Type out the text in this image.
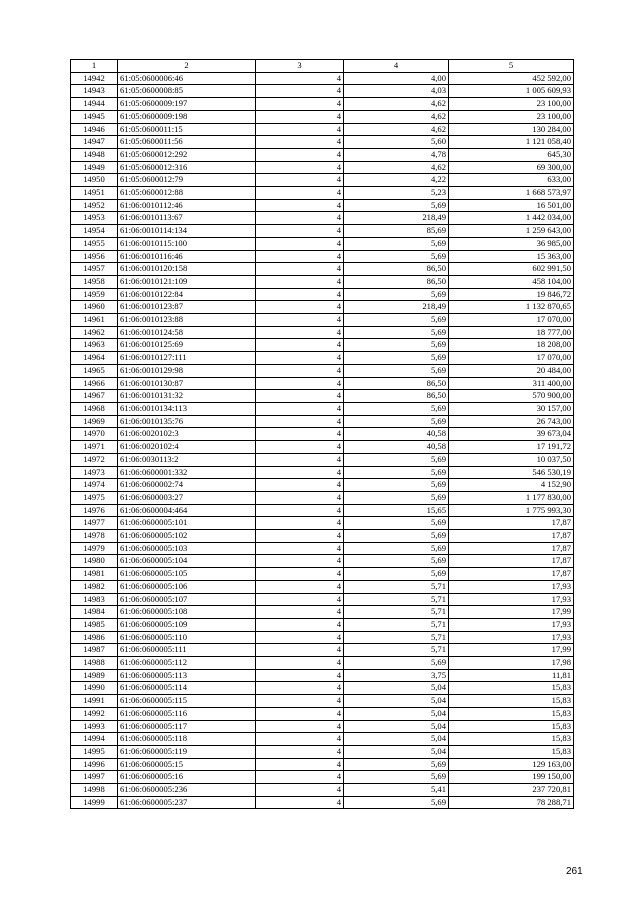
1	2	3	4	5
14942	61:05:0600006:46	4	4,00	452 592,00
14943	61:05:0600008:85	4	4,03	1 005 609,93
14944	61:05:0600009:197	4	4,62	23 100,00
14945	61:05:0600009:198	4	4,62	23 100,00
14946	61:05:0600011:15	4	4,62	130 284,00
14947	61:05:0600011:56	4	5,60	1 121 058,40
14948	61:05:0600012:292	4	4,78	645,30
14949	61:05:0600012:316	4	4,62	69 300,00
14950	61:05:0600012:79	4	4,22	633,00
14951	61:05:0600012:88	4	5,23	1 668 573,97
14952	61:06:0010112:46	4	5,69	16 501,00
14953	61:06:0010113:67	4	218,49	1 442 034,00
14954	61:06:0010114:134	4	85,69	1 259 643,00
14955	61:06:0010115:100	4	5,69	36 985,00
14956	61:06:0010116:46	4	5,69	15 363,00
14957	61:06:0010120:158	4	86,50	602 991,50
14958	61:06:0010121:109	4	86,50	458 104,00
14959	61:06:0010122:84	4	5,69	19 846,72
14960	61:06:0010123:87	4	218,49	1 132 870,65
14961	61:06:0010123:88	4	5,69	17 070,00
14962	61:06:0010124:58	4	5,69	18 777,00
14963	61:06:0010125:69	4	5,69	18 208,00
14964	61:06:0010127:111	4	5,69	17 070,00
14965	61:06:0010129:98	4	5,69	20 484,00
14966	61:06:0010130:87	4	86,50	311 400,00
14967	61:06:0010131:32	4	86,50	570 900,00
14968	61:06:0010134:113	4	5,69	30 157,00
14969	61:06:0010135:76	4	5,69	26 743,00
14970	61:06:0020102:3	4	40,58	39 673,04
14971	61:06:0020102:4	4	40,58	17 191,72
14972	61:06:0030113:2	4	5,69	10 037,50
14973	61:06:0600001:332	4	5,69	546 530,19
14974	61:06:0600002:74	4	5,69	4 152,90
14975	61:06:0600003:27	4	5,69	1 177 830,00
14976	61:06:0600004:464	4	15,65	1 775 993,30
14977	61:06:0600005:101	4	5,69	17,87
14978	61:06:0600005:102	4	5,69	17,87
14979	61:06:0600005:103	4	5,69	17,87
14980	61:06:0600005:104	4	5,69	17,87
14981	61:06:0600005:105	4	5,69	17,87
14982	61:06:0600005:106	4	5,71	17,93
14983	61:06:0600005:107	4	5,71	17,93
14984	61:06:0600005:108	4	5,71	17,99
14985	61:06:0600005:109	4	5,71	17,93
14986	61:06:0600005:110	4	5,71	17,93
14987	61:06:0600005:111	4	5,71	17,99
14988	61:06:0600005:112	4	5,69	17,98
14989	61:06:0600005:113	4	3,75	11,81
14990	61:06:0600005:114	4	5,04	15,83
14991	61:06:0600005:115	4	5,04	15,83
14992	61:06:0600005:116	4	5,04	15,83
14993	61:06:0600005:117	4	5,04	15,83
14994	61:06:0600005:118	4	5,04	15,83
14995	61:06:0600005:119	4	5,04	15,83
14996	61:06:0600005:15	4	5,69	129 163,00
14997	61:06:0600005:16	4	5,69	199 150,00
14998	61:06:0600005:236	4	5,41	237 720,81
14999	61:06:0600005:237	4	5,69	78 288,71
261
